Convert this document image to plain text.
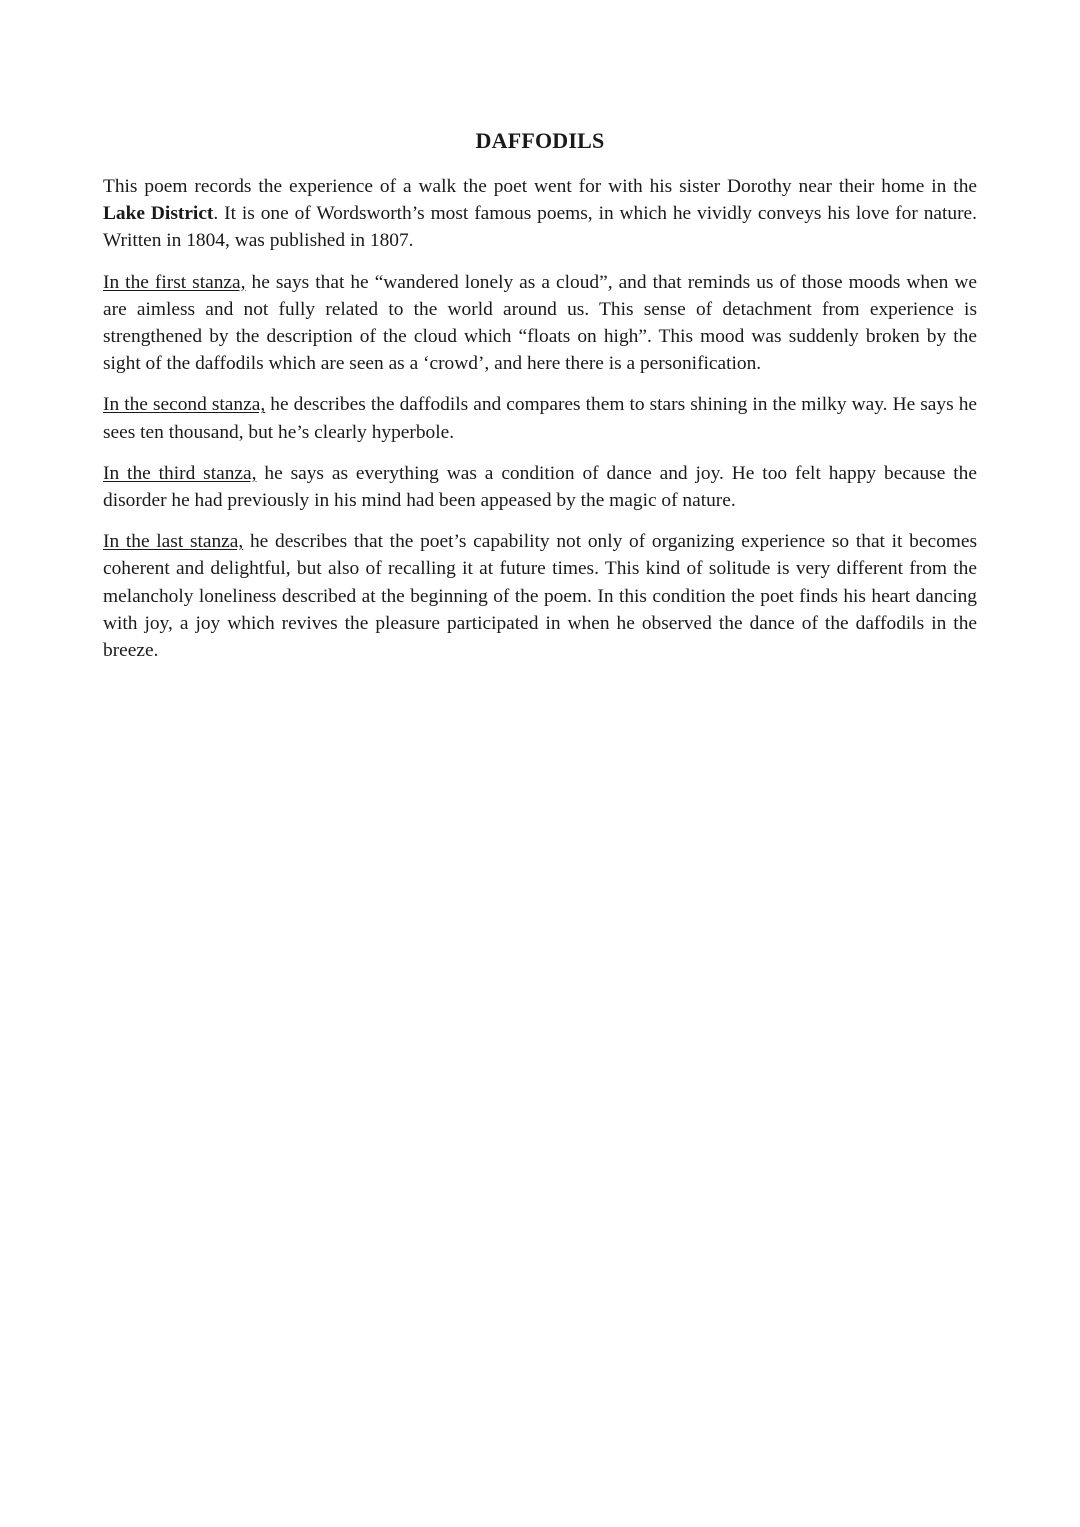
DAFFODILS

This poem records the experience of a walk the poet went for with his sister Dorothy near their home in the Lake District. It is one of Wordsworth’s most famous poems, in which he vividly conveys his love for nature. Written in 1804, was published in 1807.

In the first stanza, he says that he “wandered lonely as a cloud”, and that reminds us of those moods when we are aimless and not fully related to the world around us. This sense of detachment from experience is strengthened by the description of the cloud which “floats on high”. This mood was suddenly broken by the sight of the daffodils which are seen as a ‘crowd’, and here there is a personification.

In the second stanza, he describes the daffodils and compares them to stars shining in the milky way. He says he sees ten thousand, but he’s clearly hyperbole.

In the third stanza, he says as everything was a condition of dance and joy. He too felt happy because the disorder he had previously in his mind had been appeased by the magic of nature.

In the last stanza, he describes that the poet’s capability not only of organizing experience so that it becomes coherent and delightful, but also of recalling it at future times. This kind of solitude is very different from the melancholy loneliness described at the beginning of the poem. In this condition the poet finds his heart dancing with joy, a joy which revives the pleasure participated in when he observed the dance of the daffodils in the breeze.
